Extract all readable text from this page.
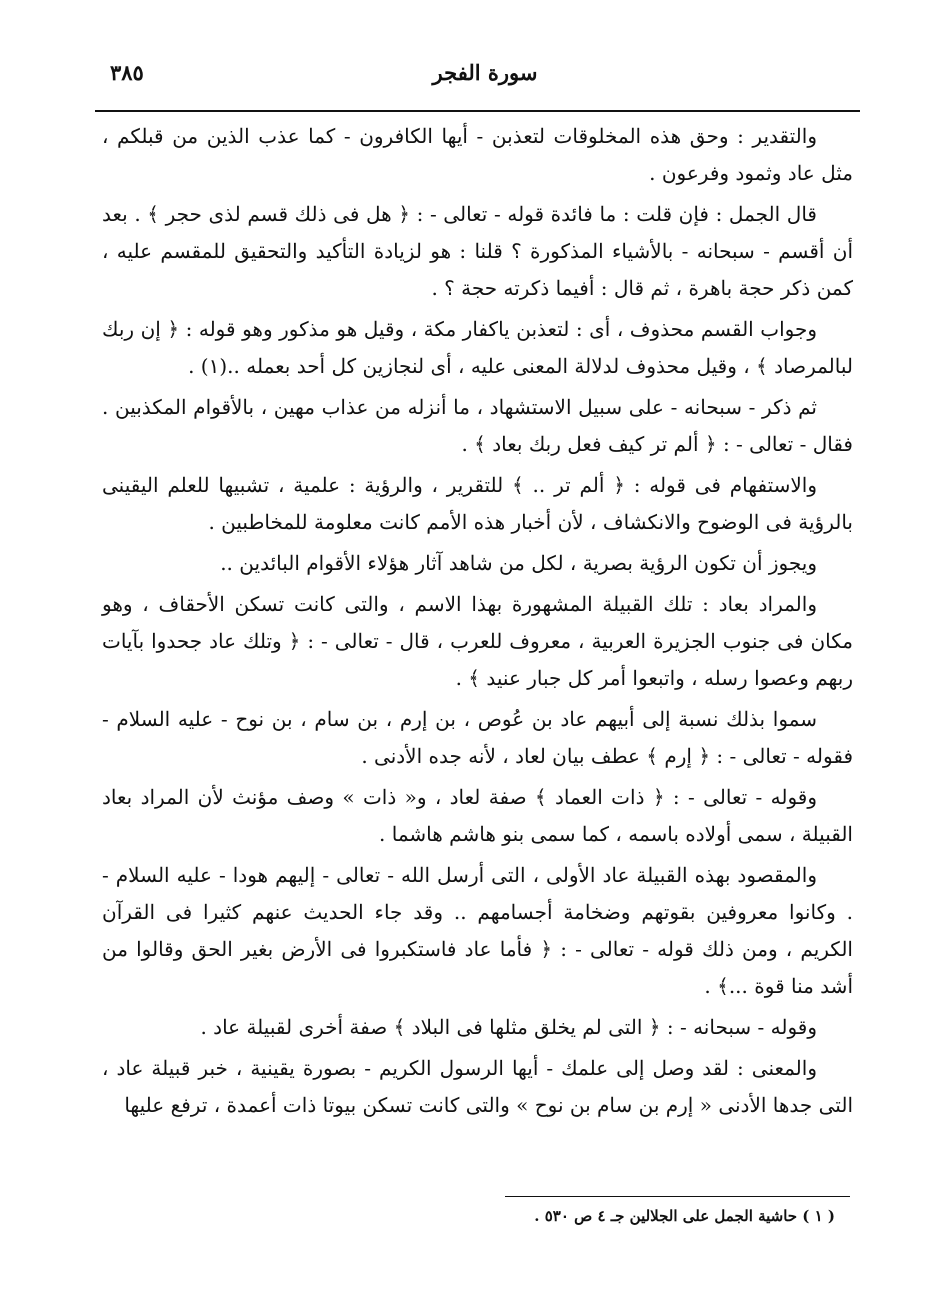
سورة الفجر
٣٨٥

والتقدير : وحق هذه المخلوقات لتعذبن - أيها الكافرون - كما عذب الذين من قبلكم ، مثل عاد وثمود وفرعون .

قال الجمل : فإن قلت : ما فائدة قوله - تعالى - : ﴿ هل فى ذلك قسم لذى حجر ﴾ . بعد أن أقسم - سبحانه - بالأشياء المذكورة ؟ قلنا : هو لزيادة التأكيد والتحقيق للمقسم عليه ، كمن ذكر حجة باهرة ، ثم قال : أفيما ذكرته حجة ؟ .

وجواب القسم محذوف ، أى : لتعذبن ياكفار مكة ، وقيل هو مذكور وهو قوله : ﴿ إن ربك لبالمرصاد ﴾ ، وقيل محذوف لدلالة المعنى عليه ، أى لنجازين كل أحد بعمله ..(١) .

ثم ذكر - سبحانه - على سبيل الاستشهاد ، ما أنزله من عذاب مهين ، بالأقوام المكذبين . فقال - تعالى - : ﴿ ألم تر كيف فعل ربك بعاد ﴾ .

والاستفهام فى قوله : ﴿ ألم تر .. ﴾ للتقرير ، والرؤية : علمية ، تشبيها للعلم اليقينى بالرؤية فى الوضوح والانكشاف ، لأن أخبار هذه الأمم كانت معلومة للمخاطبين .

ويجوز أن تكون الرؤية بصرية ، لكل من شاهد آثار هؤلاء الأقوام البائدين ..

والمراد بعاد : تلك القبيلة المشهورة بهذا الاسم ، والتى كانت تسكن الأحقاف ، وهو مكان فى جنوب الجزيرة العربية ، معروف للعرب ، قال - تعالى - : ﴿ وتلك عاد جحدوا بآيات ربهم وعصوا رسله ، واتبعوا أمر كل جبار عنيد ﴾ .

سموا بذلك نسبة إلى أبيهم عاد بن عُوص ، بن إرم ، بن سام ، بن نوح - عليه السلام - فقوله - تعالى - : ﴿ إرم ﴾ عطف بيان لعاد ، لأنه جده الأدنى .

وقوله - تعالى - : ﴿ ذات العماد ﴾ صفة لعاد ، و« ذات » وصف مؤنث لأن المراد بعاد القبيلة ، سمى أولاده باسمه ، كما سمى بنو هاشم هاشما .

والمقصود بهذه القبيلة عاد الأولى ، التى أرسل الله - تعالى - إليهم هودا - عليه السلام - . وكانوا معروفين بقوتهم وضخامة أجسامهم .. وقد جاء الحديث عنهم كثيرا فى القرآن الكريم ، ومن ذلك قوله - تعالى - : ﴿ فأما عاد فاستكبروا فى الأرض بغير الحق وقالوا من أشد منا قوة ...﴾ .

وقوله - سبحانه - : ﴿ التى لم يخلق مثلها فى البلاد ﴾ صفة أخرى لقبيلة عاد .

والمعنى : لقد وصل إلى علمك - أيها الرسول الكريم - بصورة يقينية ، خبر قبيلة عاد ، التى جدها الأدنى « إرم بن سام بن نوح » والتى كانت تسكن بيوتا ذات أعمدة ، ترفع عليها

( ١ ) حاشية الجمل على الجلالين جـ ٤ ص ٥٣٠ .
